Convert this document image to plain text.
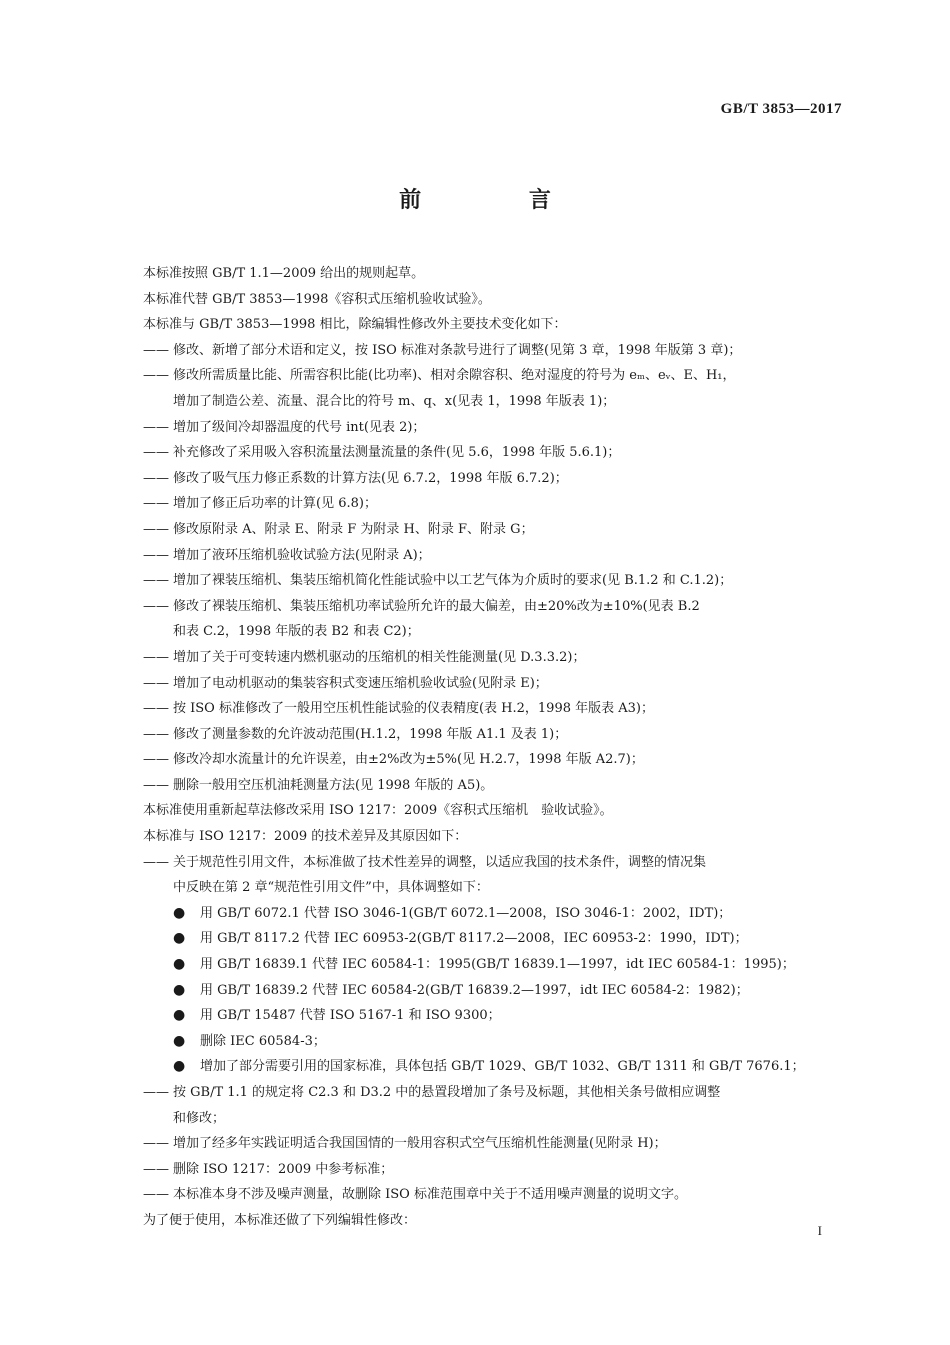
GB/T 3853—2017
前 言
本标准按照 GB/T 1.1—2009 给出的规则起草。
本标准代替 GB/T 3853—1998《容积式压缩机验收试验》。
本标准与 GB/T 3853—1998 相比，除编辑性修改外主要技术变化如下：
—— 修改、新增了部分术语和定义，按 ISO 标准对条款号进行了调整(见第 3 章，1998 年版第 3 章)；
—— 修改所需质量比能、所需容积比能(比功率)、相对余隙容积、绝对湿度的符号为 eₘ、eᵥ、E、H₁，
增加了制造公差、流量、混合比的符号 m、q、x(见表 1，1998 年版表 1)；
—— 增加了级间冷却器温度的代号 int(见表 2)；
—— 补充修改了采用吸入容积流量法测量流量的条件(见 5.6，1998 年版 5.6.1)；
—— 修改了吸气压力修正系数的计算方法(见 6.7.2，1998 年版 6.7.2)；
—— 增加了修正后功率的计算(见 6.8)；
—— 修改原附录 A、附录 E、附录 F 为附录 H、附录 F、附录 G；
—— 增加了液环压缩机验收试验方法(见附录 A)；
—— 增加了裸装压缩机、集装压缩机简化性能试验中以工艺气体为介质时的要求(见 B.1.2 和 C.1.2)；
—— 修改了裸装压缩机、集装压缩机功率试验所允许的最大偏差，由±20%改为±10%(见表 B.2
和表 C.2，1998 年版的表 B2 和表 C2)；
—— 增加了关于可变转速内燃机驱动的压缩机的相关性能测量(见 D.3.3.2)；
—— 增加了电动机驱动的集装容积式变速压缩机验收试验(见附录 E)；
—— 按 ISO 标准修改了一般用空压机性能试验的仪表精度(表 H.2，1998 年版表 A3)；
—— 修改了测量参数的允许波动范围(H.1.2，1998 年版 A1.1 及表 1)；
—— 修改冷却水流量计的允许误差，由±2%改为±5%(见 H.2.7，1998 年版 A2.7)；
—— 删除一般用空压机油耗测量方法(见 1998 年版的 A5)。
本标准使用重新起草法修改采用 ISO 1217：2009《容积式压缩机　验收试验》。
本标准与 ISO 1217：2009 的技术差异及其原因如下：
—— 关于规范性引用文件，本标准做了技术性差异的调整，以适应我国的技术条件，调整的情况集
中反映在第 2 章“规范性引用文件”中，具体调整如下：
● 用 GB/T 6072.1 代替 ISO 3046-1(GB/T 6072.1—2008，ISO 3046-1：2002，IDT)；
● 用 GB/T 8117.2 代替 IEC 60953-2(GB/T 8117.2—2008，IEC 60953-2：1990，IDT)；
● 用 GB/T 16839.1 代替 IEC 60584-1：1995(GB/T 16839.1—1997，idt IEC 60584-1：1995)；
● 用 GB/T 16839.2 代替 IEC 60584-2(GB/T 16839.2—1997，idt IEC 60584-2：1982)；
● 用 GB/T 15487 代替 ISO 5167-1 和 ISO 9300；
● 删除 IEC 60584-3；
● 增加了部分需要引用的国家标准，具体包括 GB/T 1029、GB/T 1032、GB/T 1311 和 GB/T 7676.1；
—— 按 GB/T 1.1 的规定将 C2.3 和 D3.2 中的悬置段增加了条号及标题，其他相关条号做相应调整
和修改；
—— 增加了经多年实践证明适合我国国情的一般用容积式空气压缩机性能测量(见附录 H)；
—— 删除 ISO 1217：2009 中参考标准；
—— 本标准本身不涉及噪声测量，故删除 ISO 标准范围章中关于不适用噪声测量的说明文字。
为了便于使用，本标准还做了下列编辑性修改：
I
